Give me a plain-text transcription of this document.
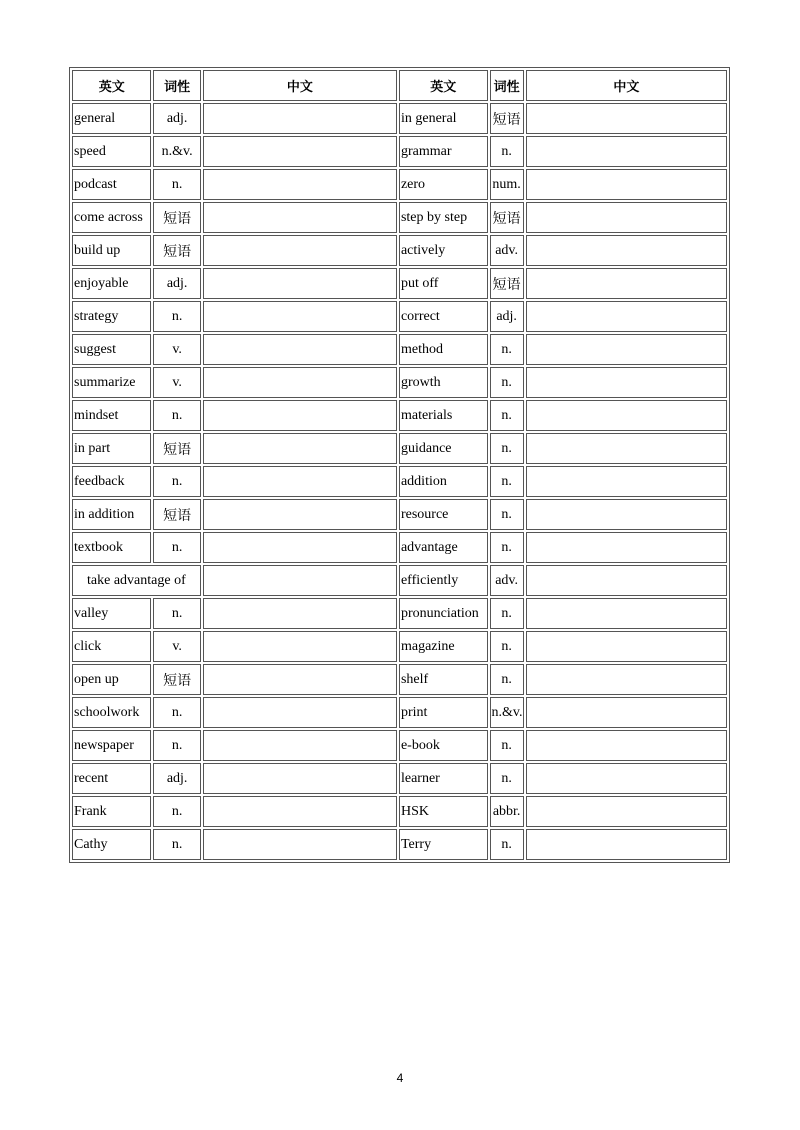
英文	词性	中文	英文	词性	中文
general	adj.		in general	短语	
speed	n.&v.		grammar	n.	
podcast	n.		zero	num.	
come across	短语		step by step	短语	
build up	短语		actively	adv.	
enjoyable	adj.		put off	短语	
strategy	n.		correct	adj.	
suggest	v.		method	n.	
summarize	v.		growth	n.	
mindset	n.		materials	n.	
in part	短语		guidance	n.	
feedback	n.		addition	n.	
in addition	短语		resource	n.	
textbook	n.		advantage	n.	
take advantage of			efficiently	adv.	
valley	n.		pronunciation	n.	
click	v.		magazine	n.	
open up	短语		shelf	n.	
schoolwork	n.		print	n.&v.	
newspaper	n.		e-book	n.	
recent	adj.		learner	n.	
Frank	n.		HSK	abbr.	
Cathy	n.		Terry	n.	
4
